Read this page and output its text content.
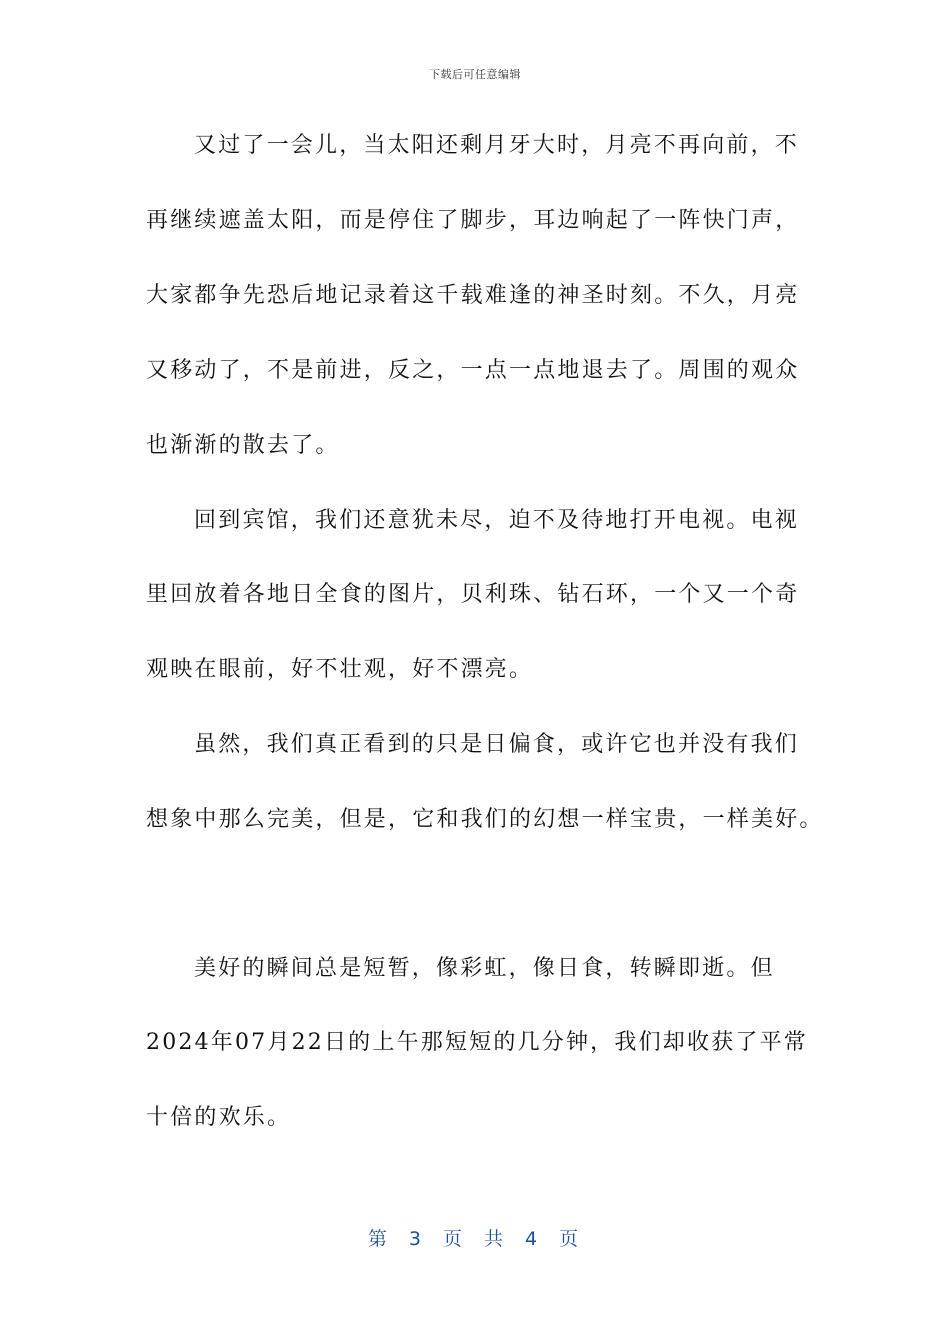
下载后可任意编辑
又过了一会儿，当太阳还剩月牙大时，月亮不再向前，不
再继续遮盖太阳，而是停住了脚步，耳边响起了一阵快门声，
大家都争先恐后地记录着这千载难逢的神圣时刻。不久，月亮
又移动了，不是前进，反之，一点一点地退去了。周围的观众
也渐渐的散去了。
回到宾馆，我们还意犹未尽，迫不及待地打开电视。电视
里回放着各地日全食的图片，贝利珠、钻石环，一个又一个奇
观映在眼前，好不壮观，好不漂亮。
虽然，我们真正看到的只是日偏食，或许它也并没有我们
想象中那么完美，但是，它和我们的幻想一样宝贵，一样美好。
美好的瞬间总是短暂，像彩虹，像日食，转瞬即逝。但
2024年07月22日的上午那短短的几分钟，我们却收获了平常
十倍的欢乐。
第 3 页 共 4 页
